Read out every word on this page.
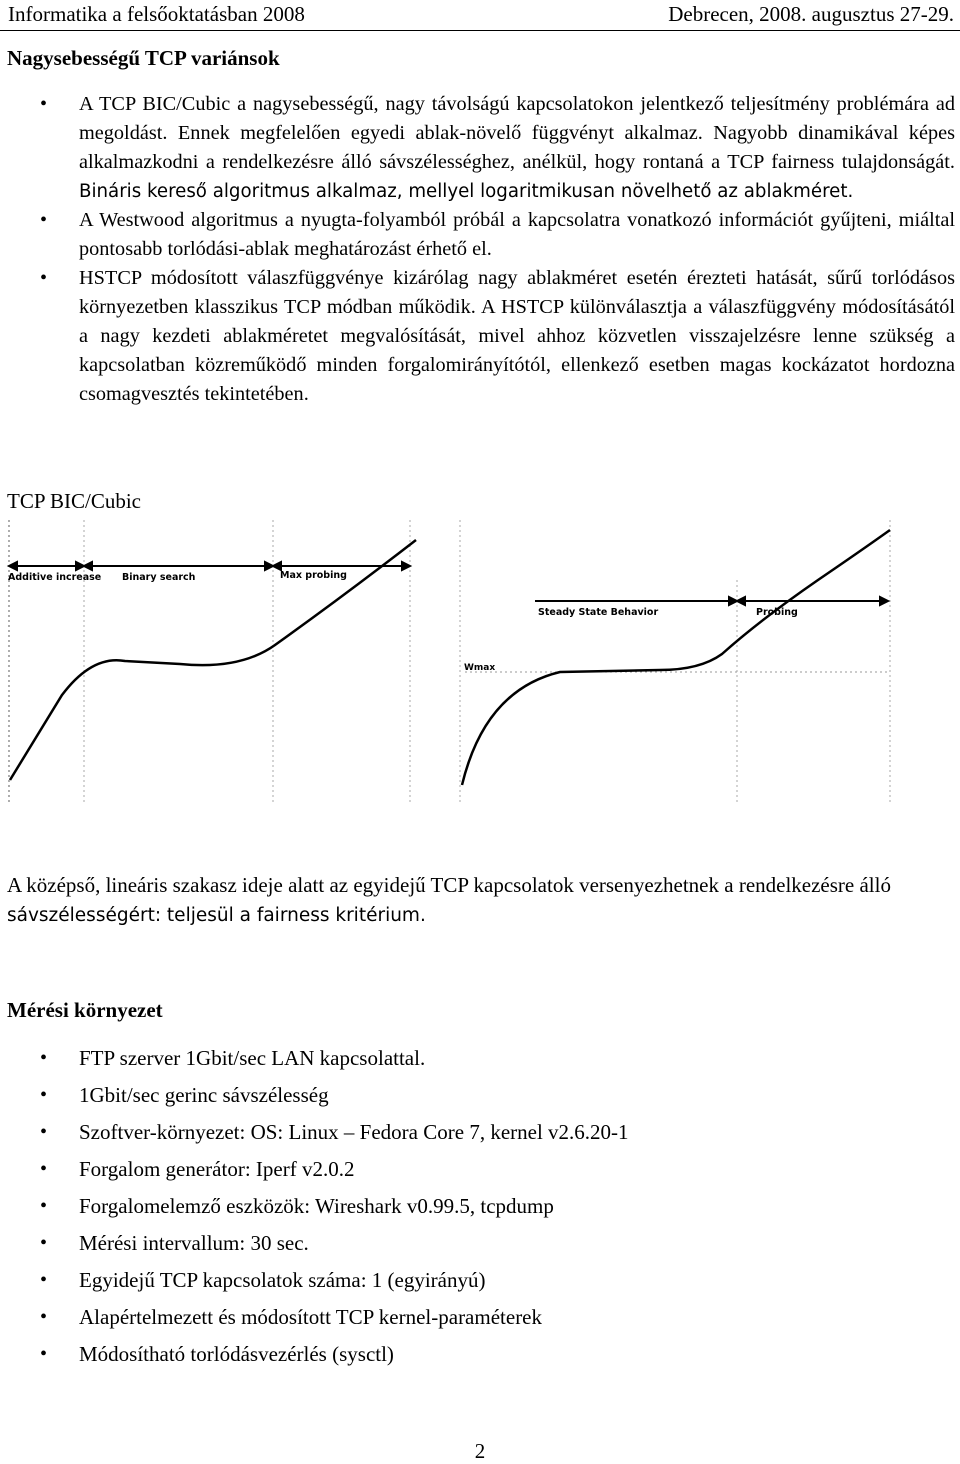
Informatika a felsőoktatásban 2008	Debrecen, 2008. augusztus 27-29.
Nagysebességű TCP variánsok
• A TCP BIC/Cubic a nagysebességű, nagy távolságú kapcsolatokon jelentkező teljesítmény problémára ad megoldást. Ennek megfelelően egyedi ablak-növelő függvényt alkalmaz. Nagyobb dinamikával képes alkalmazkodni a rendelkezésre álló sávszélességhez, anélkül, hogy rontaná a TCP fairness tulajdonságát. Bináris kereső algoritmus alkalmaz, mellyel logaritmikusan növelhető az ablakméret.
• A Westwood algoritmus a nyugta-folyamból próbál a kapcsolatra vonatkozó információt gyűjteni, miáltal pontosabb torlódási-ablak meghatározást érhető el.
• HSTCP módosított válaszfüggvénye kizárólag nagy ablakméret esetén érezteti hatását, sűrű torlódásos környezetben klasszikus TCP módban működik. A HSTCP különválasztja a válaszfüggvény módosításától a nagy kezdeti ablakméretet megvalósítását, mivel ahhoz közvetlen visszajelzésre lenne szükség a kapcsolatban közreműködő minden forgalomirányítótól, ellenkező esetben magas kockázatot hordozna csomagvesztés tekintetében.
TCP BIC/Cubic
Additive increase Binary search	Max probing
Steady State Behavior	Probing
Wmax
A középső, lineáris szakasz ideje alatt az egyidejű TCP kapcsolatok versenyezhetnek a rendelkezésre álló sávszélességért: teljesül a fairness kritérium.
Mérési környezet
• FTP szerver 1Gbit/sec LAN kapcsolattal.
• 1Gbit/sec gerinc sávszélesség
• Szoftver-környezet: OS: Linux – Fedora Core 7, kernel v2.6.20-1
• Forgalom generátor: Iperf v2.0.2
• Forgalomelemző eszközök: Wireshark v0.99.5, tcpdump
• Mérési intervallum: 30 sec.
• Egyidejű TCP kapcsolatok száma: 1 (egyirányú)
• Alapértelmezett és módosított TCP kernel-paraméterek
• Módosítható torlódásvezérlés (sysctl)
2
